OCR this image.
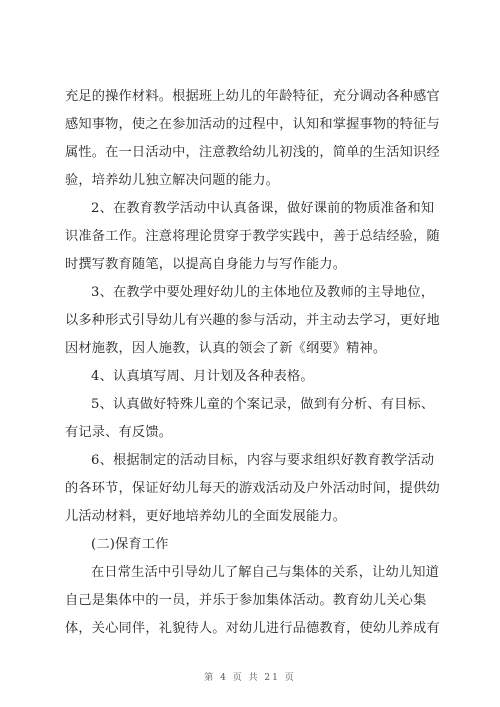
充足的操作材料。根据班上幼儿的年龄特征，充分调动各种感官
感知事物，使之在参加活动的过程中，认知和掌握事物的特征与
属性。在一日活动中，注意教给幼儿初浅的，简单的生活知识经
验，培养幼儿独立解决问题的能力。
2、在教育教学活动中认真备课，做好课前的物质准备和知
识准备工作。注意将理论贯穿于教学实践中，善于总结经验，随
时撰写教育随笔，以提高自身能力与写作能力。
3、在教学中要处理好幼儿的主体地位及教师的主导地位，
以多种形式引导幼儿有兴趣的参与活动，并主动去学习，更好地
因材施教，因人施教，认真的领会了新《纲要》精神。
4、认真填写周、月计划及各种表格。
5、认真做好特殊儿童的个案记录，做到有分析、有目标、
有记录、有反馈。
6、根据制定的活动目标，内容与要求组织好教育教学活动
的各环节，保证好幼儿每天的游戏活动及户外活动时间，提供幼
儿活动材料，更好地培养幼儿的全面发展能力。
(二)保育工作
在日常生活中引导幼儿了解自己与集体的关系，让幼儿知道
自己是集体中的一员，并乐于参加集体活动。教育幼儿关心集
体，关心同伴，礼貌待人。对幼儿进行品德教育，使幼儿养成有
第 4 页 共 21 页
